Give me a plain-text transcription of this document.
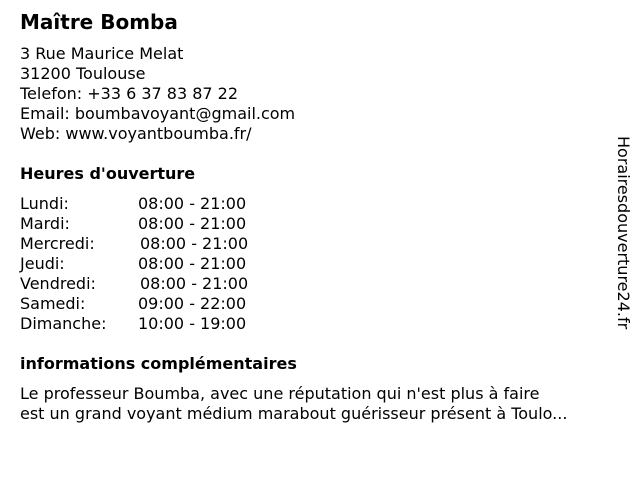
Maître Bomba
3 Rue Maurice Melat
31200 Toulouse
Telefon: +33 6 37 83 87 22
Email: boumbavoyant@gmail.com
Web: www.voyantboumba.fr/
Heures d'ouverture
Lundi:	08:00 - 21:00
Mardi:	08:00 - 21:00
Mercredi:	08:00 - 21:00
Jeudi:	08:00 - 21:00
Vendredi:	08:00 - 21:00
Samedi:	09:00 - 22:00
Dimanche: 10:00 - 19:00
informations complémentaires
Le professeur Boumba, avec une réputation qui n'est plus à faire
est un grand voyant médium marabout guérisseur présent à Toulo...
Horairesdouverture24.fr
